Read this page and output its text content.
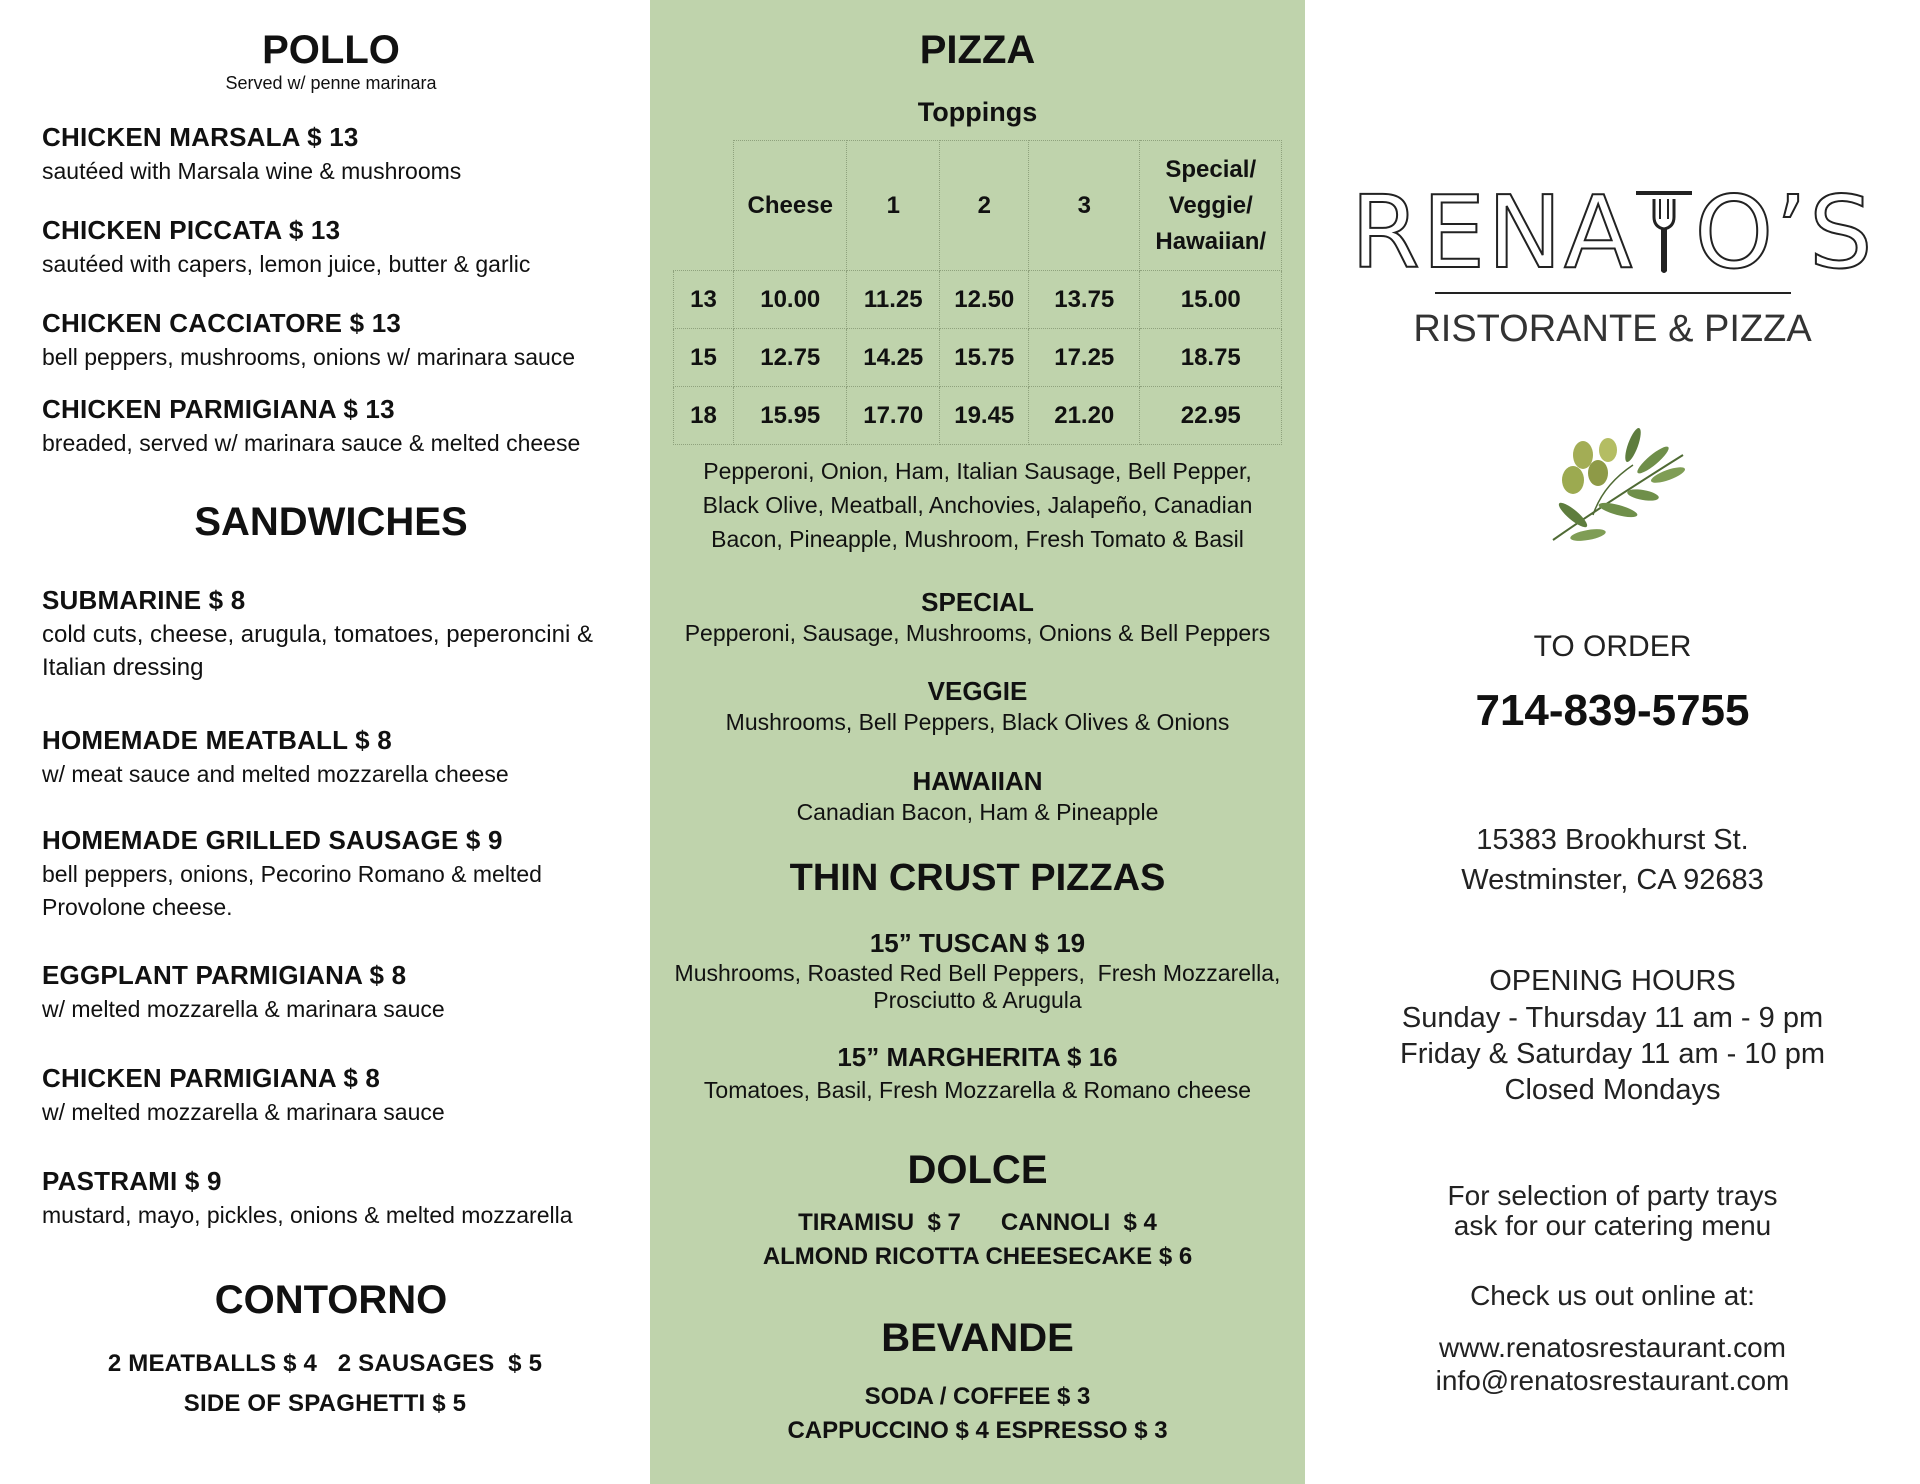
POLLO

Served w/ penne marinara

CHICKEN MARSALA $ 13

sautéed with Marsala wine & mushrooms

CHICKEN PICCATA $ 13

sautéed with capers, lemon juice, butter & garlic

CHICKEN CACCIATORE $ 13

bell peppers, mushrooms, onions w/ marinara sauce

CHICKEN PARMIGIANA $ 13

breaded, served w/ marinara sauce & melted cheese

SANDWICHES

SUBMARINE $ 8

cold cuts, cheese, arugula, tomatoes, peperoncini & Italian dressing

HOMEMADE MEATBALL $ 8

w/ meat sauce and melted mozzarella cheese

HOMEMADE GRILLED SAUSAGE $ 9

bell peppers, onions, Pecorino Romano & melted Provolone cheese.

EGGPLANT PARMIGIANA $ 8

w/ melted mozzarella & marinara sauce

CHICKEN PARMIGIANA $ 8

w/ melted mozzarella & marinara sauce

PASTRAMI $ 9

mustard, mayo, pickles, onions & melted mozzarella

CONTORNO

2 MEATBALLS $ 4   2 SAUSAGES  $ 5

SIDE OF SPAGHETTI $ 5

PIZZA

Toppings

	Cheese	1	2	3	Special/ Veggie/ Hawaiian/
13	10.00	11.25	12.50	13.75	15.00
15	12.75	14.25	15.75	17.25	18.75
18	15.95	17.70	19.45	21.20	22.95

Pepperoni, Onion, Ham, Italian Sausage, Bell Pepper,

Black Olive, Meatball, Anchovies, Jalapeño, Canadian

Bacon, Pineapple, Mushroom, Fresh Tomato & Basil

SPECIAL

Pepperoni, Sausage, Mushrooms, Onions & Bell Peppers

VEGGIE

Mushrooms, Bell Peppers, Black Olives & Onions

HAWAIIAN

Canadian Bacon, Ham & Pineapple

THIN CRUST PIZZAS

15” TUSCAN $ 19

Mushrooms, Roasted Red Bell Peppers,  Fresh Mozzarella,

Prosciutto & Arugula

15” MARGHERITA $ 16

Tomatoes, Basil, Fresh Mozzarella & Romano cheese

DOLCE

TIRAMISU  $ 7      CANNOLI  $ 4

ALMOND RICOTTA CHEESECAKE $ 6

BEVANDE

SODA / COFFEE $ 3

CAPPUCCINO $ 4 ESPRESSO $ 3

RENA O’S

RISTORANTE & PIZZA

TO ORDER

714-839-5755

15383 Brookhurst St.

Westminster, CA 92683

OPENING HOURS

Sunday - Thursday 11 am - 9 pm

Friday & Saturday 11 am - 10 pm

Closed Mondays

For selection of party trays

ask for our catering menu

Check us out online at:

www.renatosrestaurant.com

info@renatosrestaurant.com
